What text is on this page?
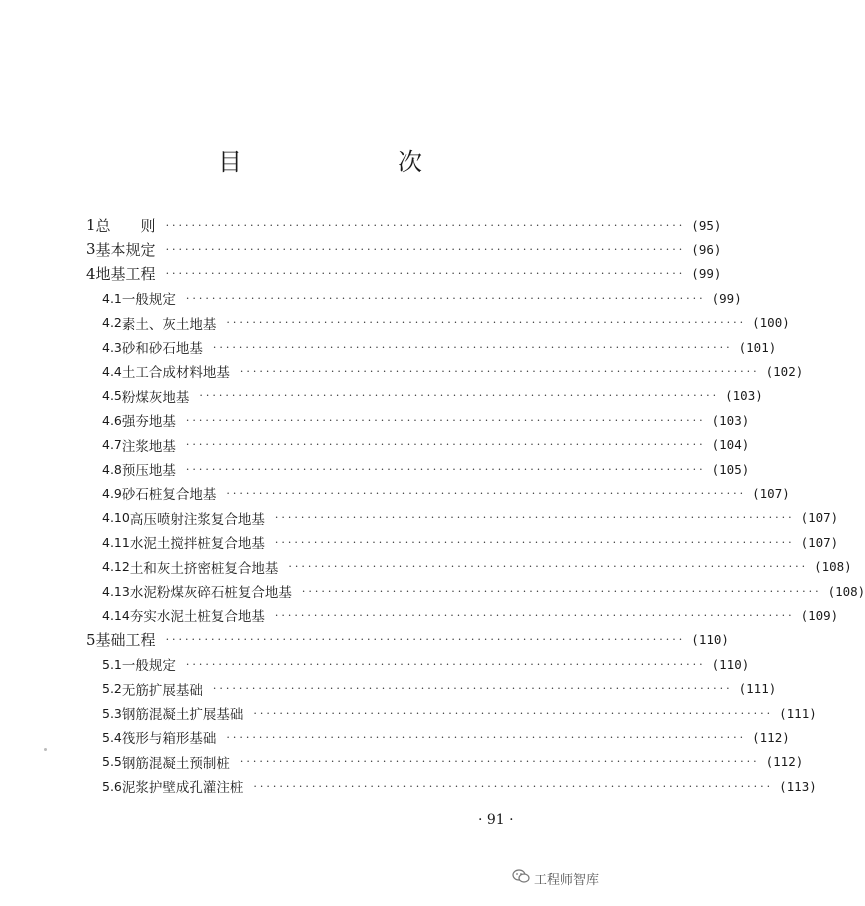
目　　次
1 总　　则 ················································································ (95)
3 基本规定 ················································································ (96)
4 地基工程 ················································································ (99)
4.1 一般规定 ················································································ (99)
4.2 素土、灰土地基 ················································································ (100)
4.3 砂和砂石地基 ················································································ (101)
4.4 土工合成材料地基 ················································································ (102)
4.5 粉煤灰地基 ················································································ (103)
4.6 强夯地基 ················································································ (103)
4.7 注浆地基 ················································································ (104)
4.8 预压地基 ················································································ (105)
4.9 砂石桩复合地基 ················································································ (107)
4.10 高压喷射注浆复合地基 ················································································ (107)
4.11 水泥土搅拌桩复合地基 ················································································ (107)
4.12 土和灰土挤密桩复合地基 ················································································ (108)
4.13 水泥粉煤灰碎石桩复合地基 ················································································ (108)
4.14 夯实水泥土桩复合地基 ················································································ (109)
5 基础工程 ················································································ (110)
5.1 一般规定 ················································································ (110)
5.2 无筋扩展基础 ················································································ (111)
5.3 钢筋混凝土扩展基础 ················································································ (111)
5.4 筏形与箱形基础 ················································································ (112)
5.5 钢筋混凝土预制桩 ················································································ (112)
5.6 泥浆护壁成孔灌注桩 ················································································ (113)
· 91 ·
工程师智库
